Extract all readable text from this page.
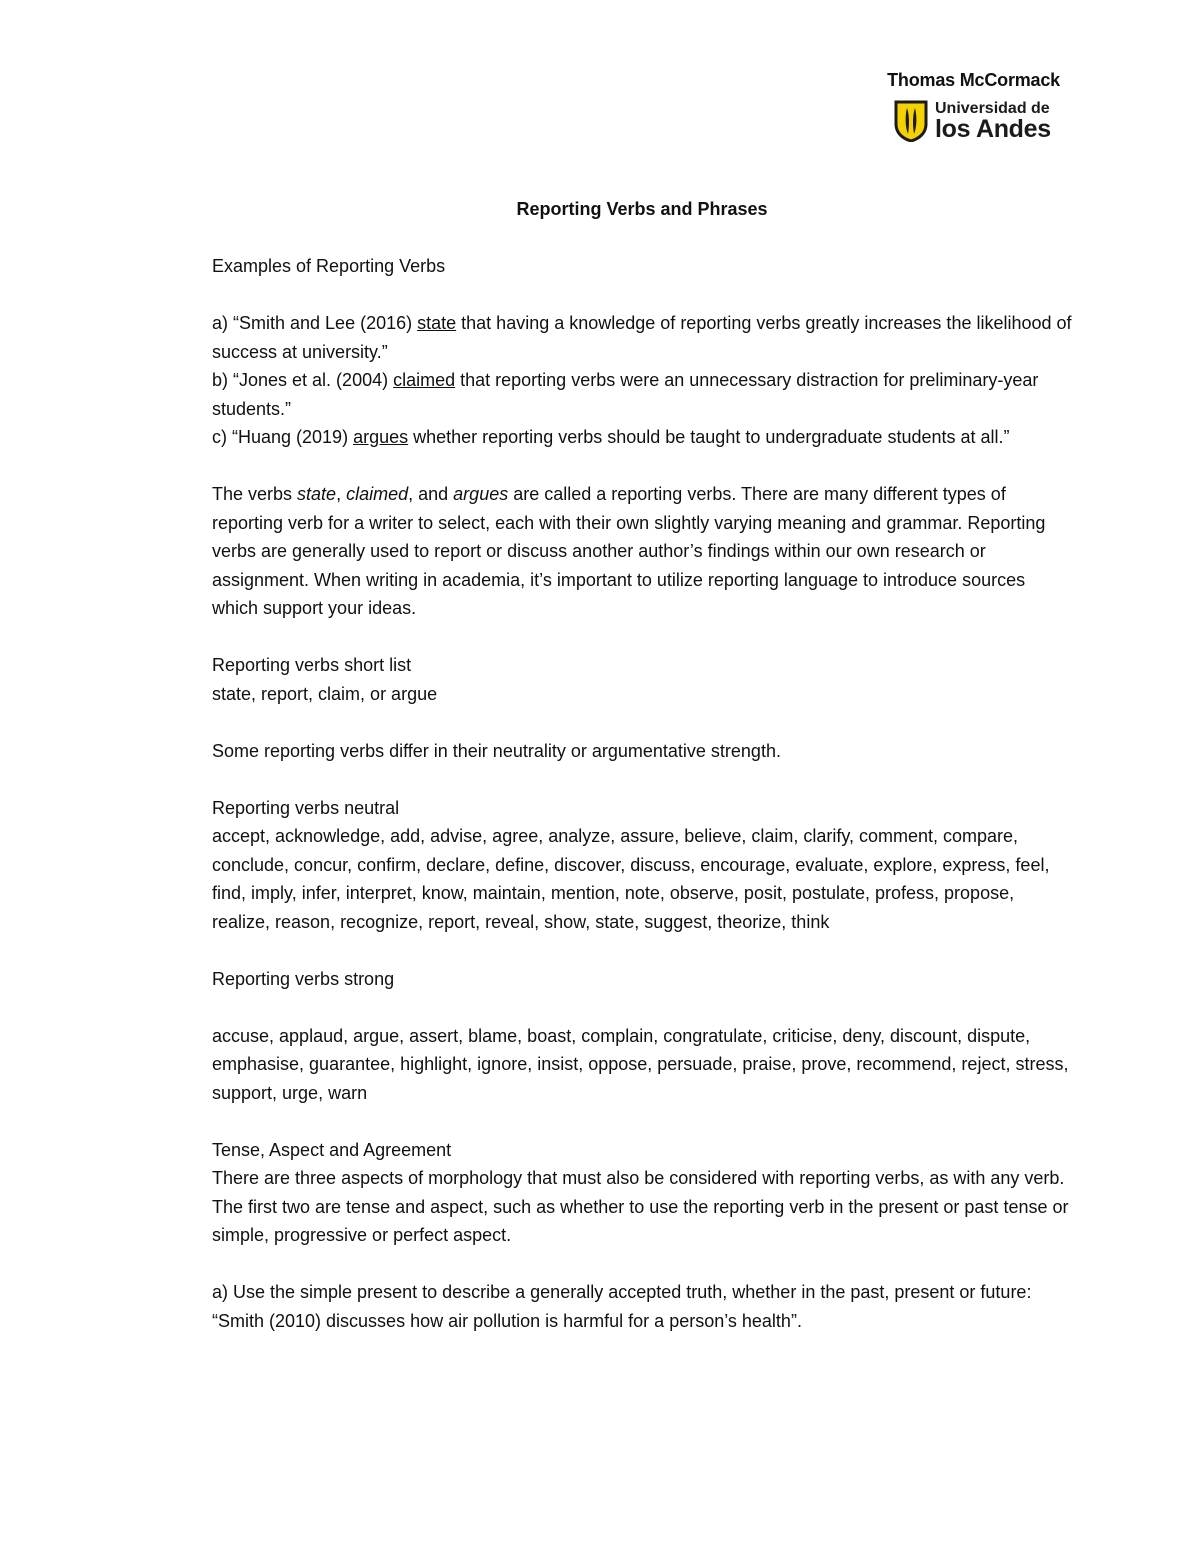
Thomas McCormack
Universidad de
los Andes

Reporting Verbs and Phrases

Examples of Reporting Verbs

a) “Smith and Lee (2016) state that having a knowledge of reporting verbs greatly increases the likelihood of success at university.”

b) “Jones et al. (2004) claimed that reporting verbs were an unnecessary distraction for preliminary-year students.”

c) “Huang (2019) argues whether reporting verbs should be taught to undergraduate students at all.”

The verbs state, claimed, and argues are called a reporting verbs. There are many different types of reporting verb for a writer to select, each with their own slightly varying meaning and grammar. Reporting verbs are generally used to report or discuss another author’s findings within our own research or assignment. When writing in academia, it’s important to utilize reporting language to introduce sources which support your ideas.

Reporting verbs short list

state, report, claim, or argue

Some reporting verbs differ in their neutrality or argumentative strength.

Reporting verbs neutral

accept, acknowledge, add, advise, agree, analyze, assure, believe, claim, clarify, comment, compare, conclude, concur, confirm, declare, define, discover, discuss, encourage, evaluate, explore, express, feel, find, imply, infer, interpret, know, maintain, mention, note, observe, posit, postulate, profess, propose, realize, reason, recognize, report, reveal, show, state, suggest, theorize, think

Reporting verbs strong

accuse, applaud, argue, assert, blame, boast, complain, congratulate, criticise, deny, discount, dispute, emphasise, guarantee, highlight, ignore, insist, oppose, persuade, praise, prove, recommend, reject, stress, support, urge, warn

Tense, Aspect and Agreement

There are three aspects of morphology that must also be considered with reporting verbs, as with any verb. The first two are tense and aspect, such as whether to use the reporting verb in the present or past tense or simple, progressive or perfect aspect.

a) Use the simple present to describe a generally accepted truth, whether in the past, present or future: “Smith (2010) discusses how air pollution is harmful for a person’s health”.
